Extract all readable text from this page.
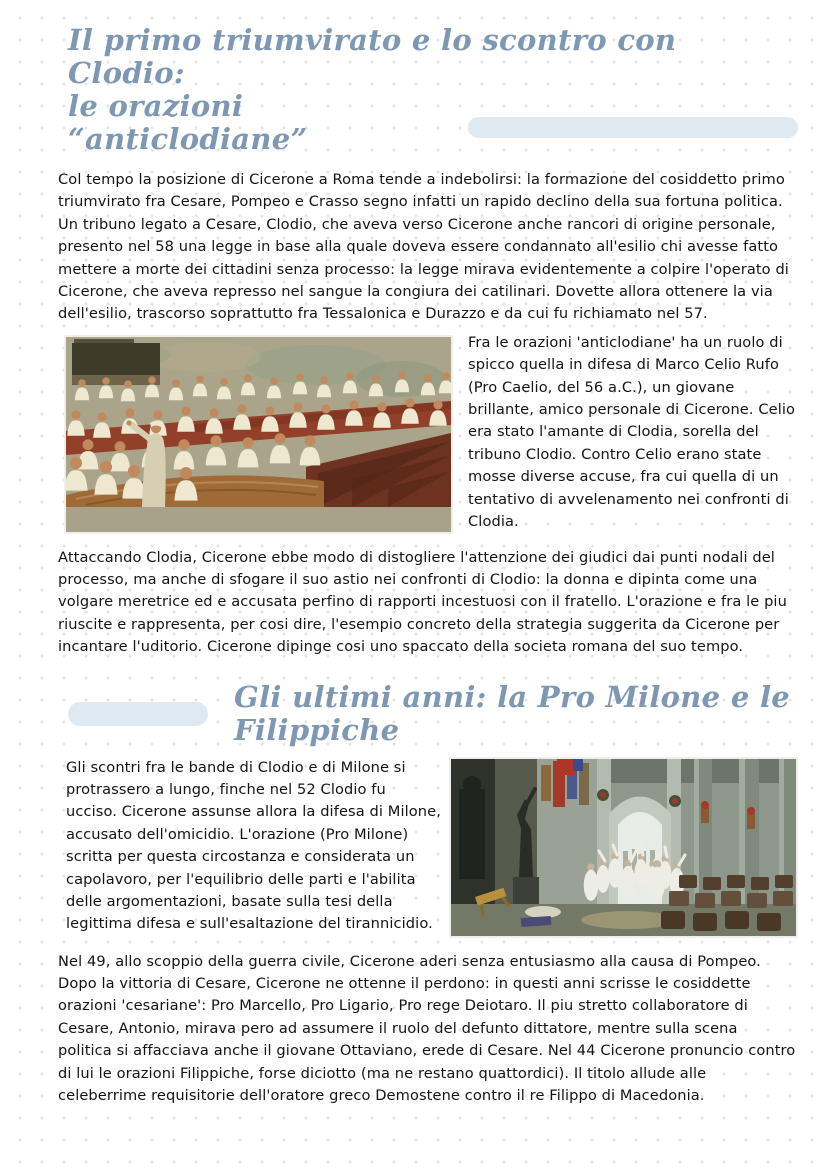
Il primo triumvirato e lo scontro con Clodio:
le orazioni “anticlodiane”

Col tempo la posizione di Cicerone a Roma tende a indebolirsi: la formazione del cosiddetto primo triumvirato fra Cesare, Pompeo e Crasso segno infatti un rapido declino della sua fortuna politica. Un tribuno legato a Cesare, Clodio, che aveva verso Cicerone anche rancori di origine personale, presento nel 58 una legge in base alla quale doveva essere condannato all'esilio chi avesse fatto mettere a morte dei cittadini senza processo: la legge mirava evidentemente a colpire l'operato di Cicerone, che aveva represso nel sangue la congiura dei catilinari. Dovette allora ottenere la via dell'esilio, trascorso soprattutto fra Tessalonica e Durazzo e da cui fu richiamato nel 57.

Fra le orazioni 'anticlodiane' ha un ruolo di spicco quella in difesa di Marco Celio Rufo (Pro Caelio, del 56 a.C.), un giovane brillante, amico personale di Cicerone. Celio era stato l'amante di Clodia, sorella del tribuno Clodio. Contro Celio erano state mosse diverse accuse, fra cui quella di un tentativo di avvelenamento nei confronti di Clodia.

Attaccando Clodia, Cicerone ebbe modo di distogliere l'attenzione dei giudici dai punti nodali del processo, ma anche di sfogare il suo astio nei confronti di Clodio: la donna e dipinta come una volgare meretrice ed e accusata perfino di rapporti incestuosi con il fratello. L'orazione e fra le piu riuscite e rappresenta, per cosi dire, l'esempio concreto della strategia suggerita da Cicerone per incantare l'uditorio. Cicerone dipinge cosi uno spaccato della societa romana del suo tempo.

Gli ultimi anni: la Pro Milone e le Filippiche

Gli scontri fra le bande di Clodio e di Milone si protrassero a lungo, finche nel 52 Clodio fu ucciso. Cicerone assunse allora la difesa di Milone, accusato dell'omicidio. L'orazione (Pro Milone) scritta per questa circostanza e considerata un capolavoro, per l'equilibrio delle parti e l'abilita delle argomentazioni, basate sulla tesi della legittima difesa e sull'esaltazione del tirannicidio.

Nel 49, allo scoppio della guerra civile, Cicerone aderi senza entusiasmo alla causa di Pompeo. Dopo la vittoria di Cesare, Cicerone ne ottenne il perdono: in questi anni scrisse le cosiddette orazioni 'cesariane': Pro Marcello, Pro Ligario, Pro rege Deiotaro. Il piu stretto collaboratore di Cesare, Antonio, mirava pero ad assumere il ruolo del defunto dittatore, mentre sulla scena politica si affacciava anche il giovane Ottaviano, erede di Cesare. Nel 44 Cicerone pronuncio contro di lui le orazioni Filippiche, forse diciotto (ma ne restano quattordici). Il titolo allude alle celeberrime requisitorie dell'oratore greco Demostene contro il re Filippo di Macedonia.
